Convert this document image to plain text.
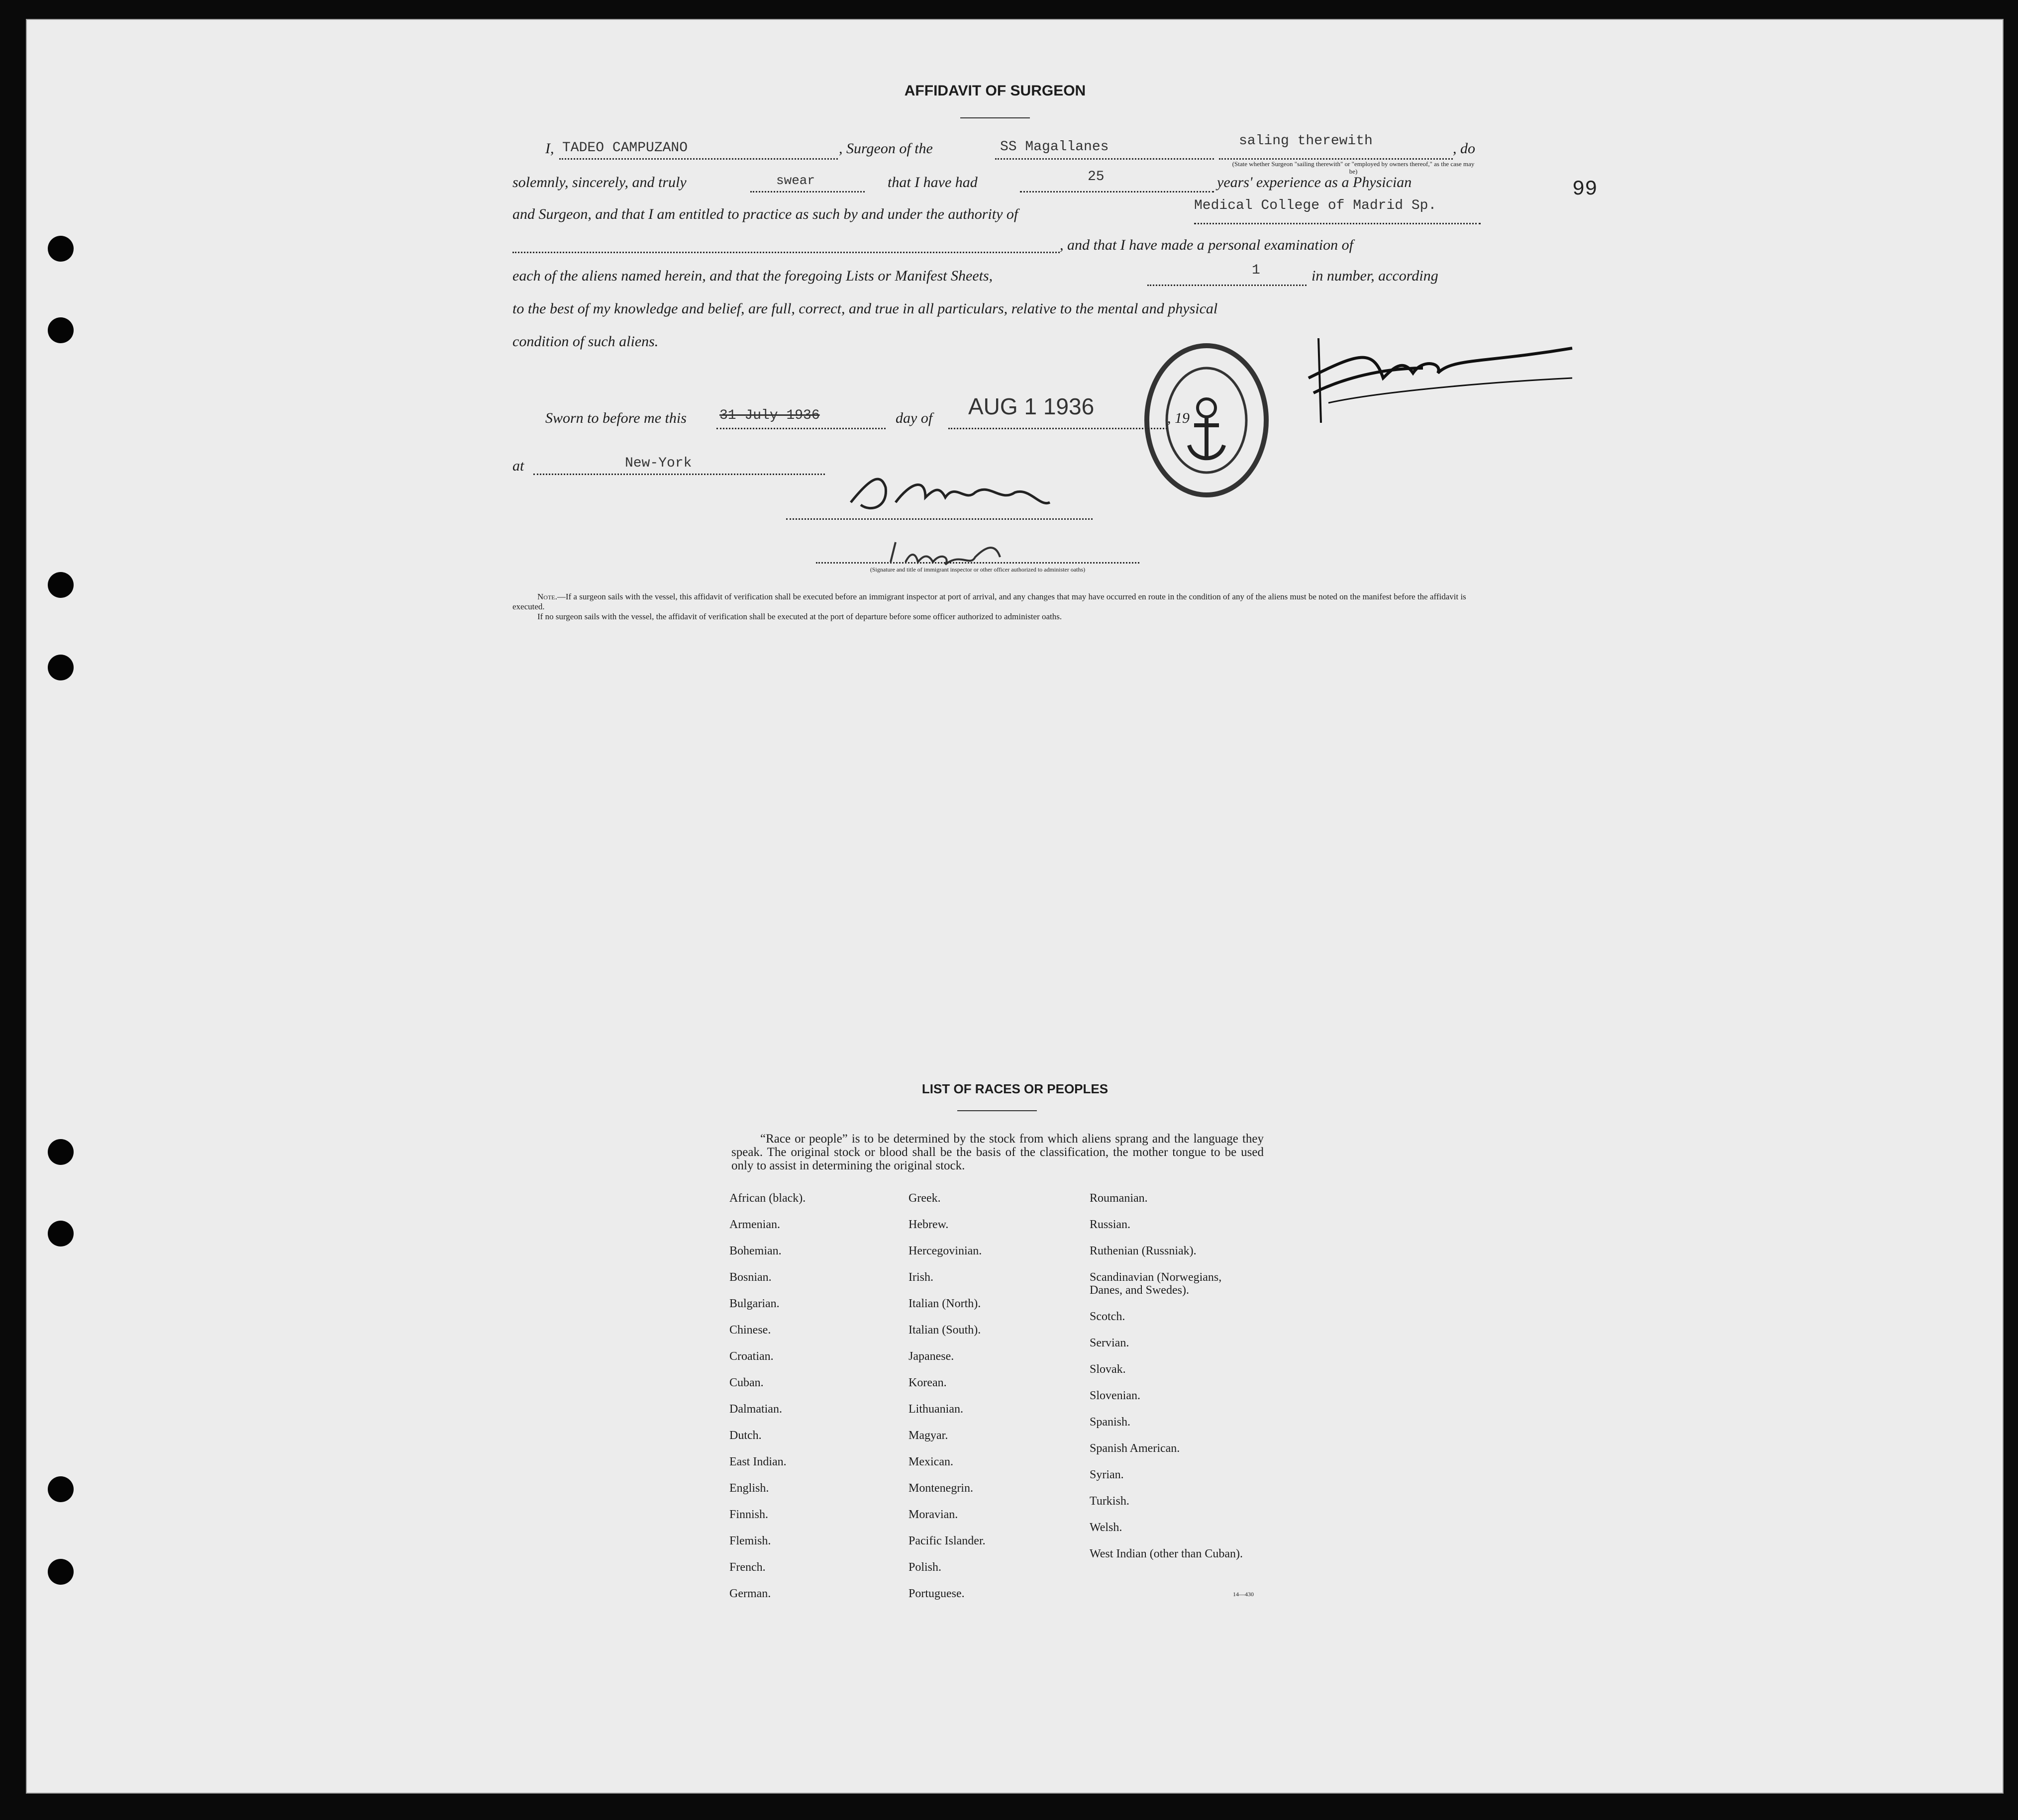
99
AFFIDAVIT OF SURGEON
I, TADEO CAMPUZANO	, Surgeon of the	SS Magallanes	saling therewith	, do
(State whether Surgeon "sailing therewith" or "employed by owners thereof," as the case may be)
solemnly, sincerely, and truly	swear	that I have had	25	years' experience as a Physician
and Surgeon, and that I am entitled to practice as such by and under the authority of
Medical College of Madrid Sp.
, and that I have made a personal examination of
each of the aliens named herein, and that the foregoing Lists or Manifest Sheets,	1	in number, according
to the best of my knowledge and belief, are full, correct, and true in all particulars, relative to the mental and physical
condition of such aliens.
Sworn to before me this 31-July-1936	day of AUG 1 1936	, 19
at	New-York
(Signature and title of immigrant inspector or other officer authorized to administer oaths)
Note.—If a surgeon sails with the vessel, this affidavit of verification shall be executed before an immigrant inspector at port of arrival, and any changes that may have occurred en route in the condition of any of the aliens must be noted on the manifest before the affidavit is executed.
If no surgeon sails with the vessel, the affidavit of verification shall be executed at the port of departure before some officer authorized to administer oaths.
LIST OF RACES OR PEOPLES
“Race or people” is to be determined by the stock from which aliens sprang and the language they speak. The original stock or blood shall be the basis of the classification, the mother tongue to be used only to assist in determining the original stock.
African (black).
Armenian.
Bohemian.
Bosnian.
Bulgarian.
Chinese.
Croatian.
Cuban.
Dalmatian.
Dutch.
East Indian.
English.
Finnish.
Flemish.
French.
German.
Greek.
Hebrew.
Hercegovinian.
Irish.
Italian (North).
Italian (South).
Japanese.
Korean.
Lithuanian.
Magyar.
Mexican.
Montenegrin.
Moravian.
Pacific Islander.
Polish.
Portuguese.
Roumanian.
Russian.
Ruthenian (Russniak).
Scandinavian (Norwegians, Danes, and Swedes).
Scotch.
Servian.
Slovak.
Slovenian.
Spanish.
Spanish American.
Syrian.
Turkish.
Welsh.
West Indian (other than Cuban).
14—430
